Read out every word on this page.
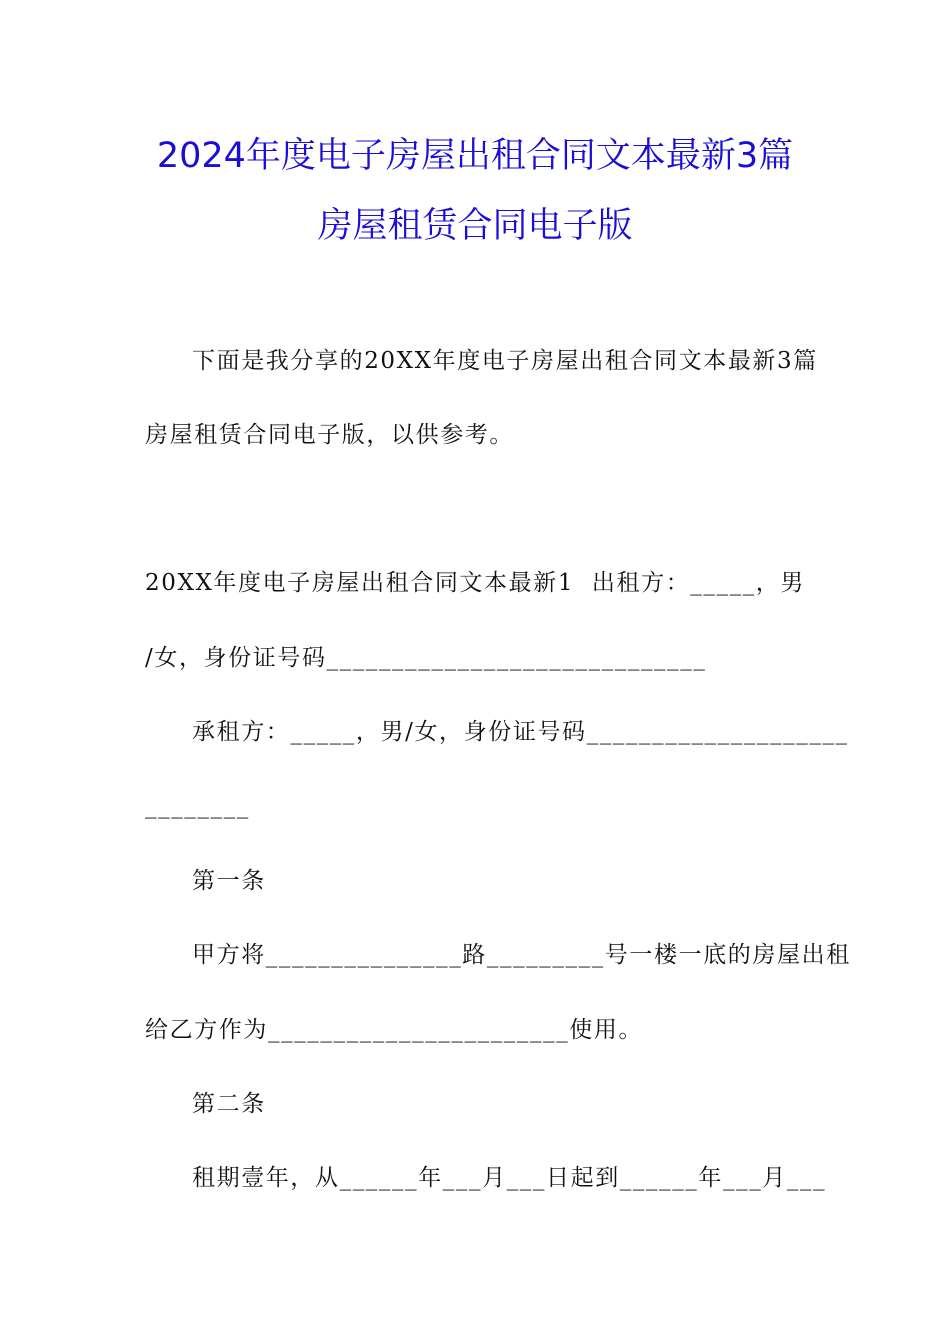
2024年度电子房屋出租合同文本最新3篇
房屋租赁合同电子版
下面是我分享的20XX年度电子房屋出租合同文本最新3篇
房屋租赁合同电子版，以供参考。
20XX年度电子房屋出租合同文本最新1 出租方：_____，男
/女，身份证号码_____________________________
承租方：_____，男/女，身份证号码____________________
________
第一条
甲方将_______________路_________号一楼一底的房屋出租
给乙方作为_______________________使用。
第二条
租期壹年，从______年___月___日起到______年___月___
